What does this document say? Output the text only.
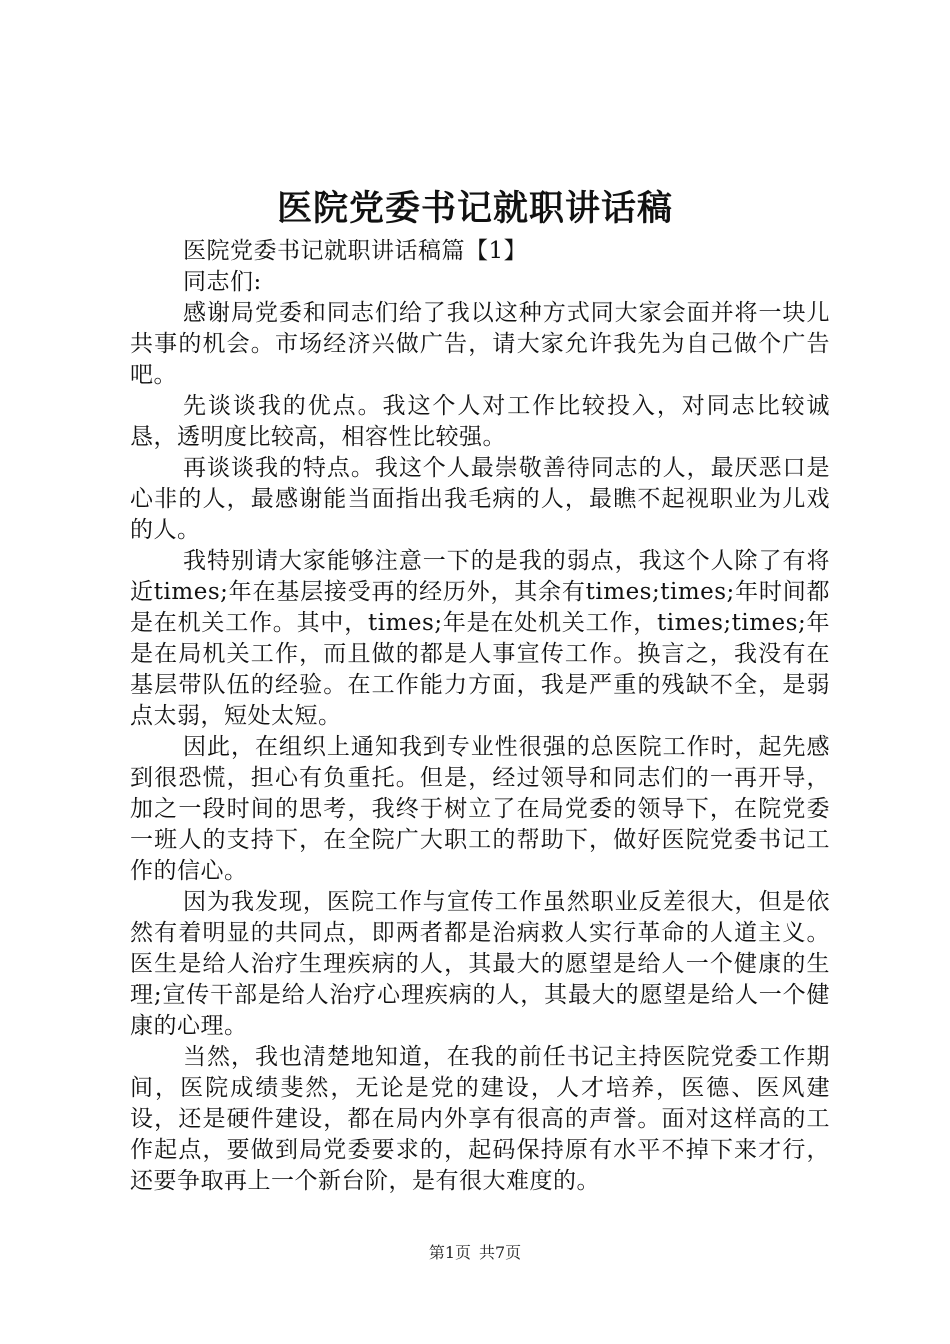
医院党委书记就职讲话稿

医院党委书记就职讲话稿篇【1】

同志们:

感谢局党委和同志们给了我以这种方式同大家会面并将一块儿共事的机会。市场经济兴做广告，请大家允许我先为自己做个广告吧。

先谈谈我的优点。我这个人对工作比较投入，对同志比较诚恳，透明度比较高，相容性比较强。

再谈谈我的特点。我这个人最崇敬善待同志的人，最厌恶口是心非的人，最感谢能当面指出我毛病的人，最瞧不起视职业为儿戏的人。

我特别请大家能够注意一下的是我的弱点，我这个人除了有将近times;年在基层接受再的经历外，其余有times;times;年时间都是在机关工作。其中，times;年是在处机关工作，times;times;年是在局机关工作，而且做的都是人事宣传工作。换言之，我没有在基层带队伍的经验。在工作能力方面，我是严重的残缺不全，是弱点太弱，短处太短。

因此，在组织上通知我到专业性很强的总医院工作时，起先感到很恐慌，担心有负重托。但是，经过领导和同志们的一再开导，加之一段时间的思考，我终于树立了在局党委的领导下，在院党委一班人的支持下，在全院广大职工的帮助下，做好医院党委书记工作的信心。

因为我发现，医院工作与宣传工作虽然职业反差很大，但是依然有着明显的共同点，即两者都是治病救人实行革命的人道主义。医生是给人治疗生理疾病的人，其最大的愿望是给人一个健康的生理;宣传干部是给人治疗心理疾病的人，其最大的愿望是给人一个健康的心理。

当然，我也清楚地知道，在我的前任书记主持医院党委工作期间，医院成绩斐然，无论是党的建设，人才培养，医德、医风建设，还是硬件建设，都在局内外享有很高的声誉。面对这样高的工作起点，要做到局党委要求的，起码保持原有水平不掉下来才行，还要争取再上一个新台阶，是有很大难度的。

第1页 共7页
